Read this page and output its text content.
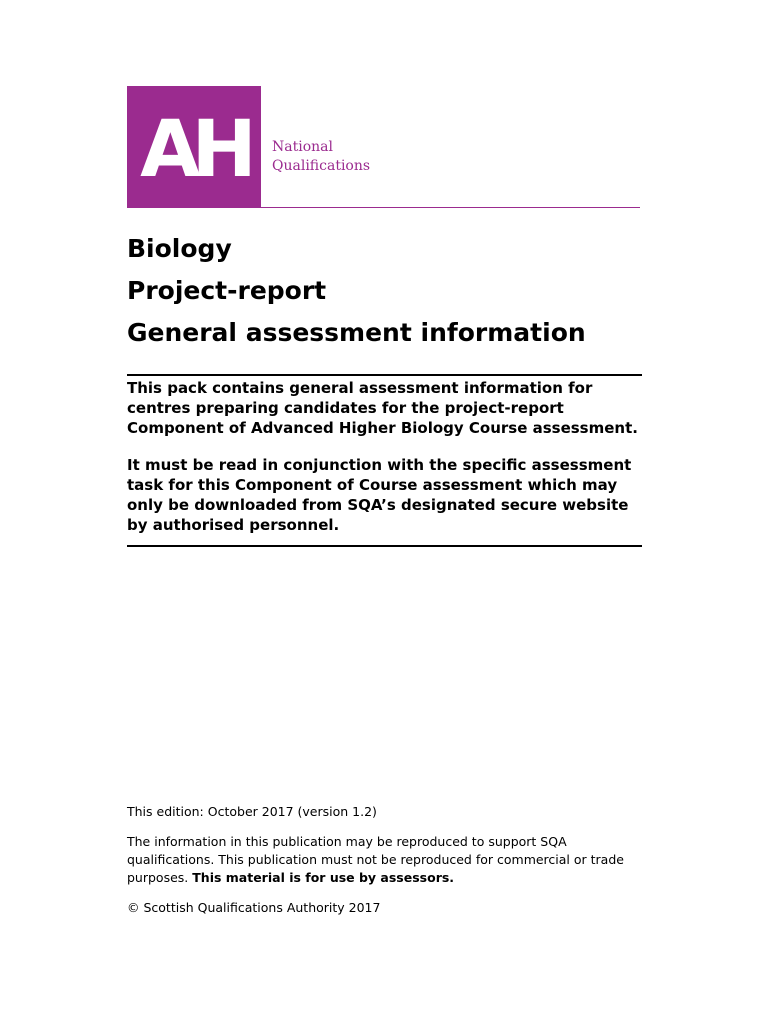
AH	National
Qualifications
Biology
Project-report
General assessment information

This pack contains general assessment information for centres preparing candidates for the project-report Component of Advanced Higher Biology Course assessment.

It must be read in conjunction with the specific assessment task for this Component of Course assessment which may only be downloaded from SQA’s designated secure website by authorised personnel.

This edition: October 2017 (version 1.2)

The information in this publication may be reproduced to support SQA qualifications. This publication must not be reproduced for commercial or trade purposes. This material is for use by assessors.

© Scottish Qualifications Authority 2017
